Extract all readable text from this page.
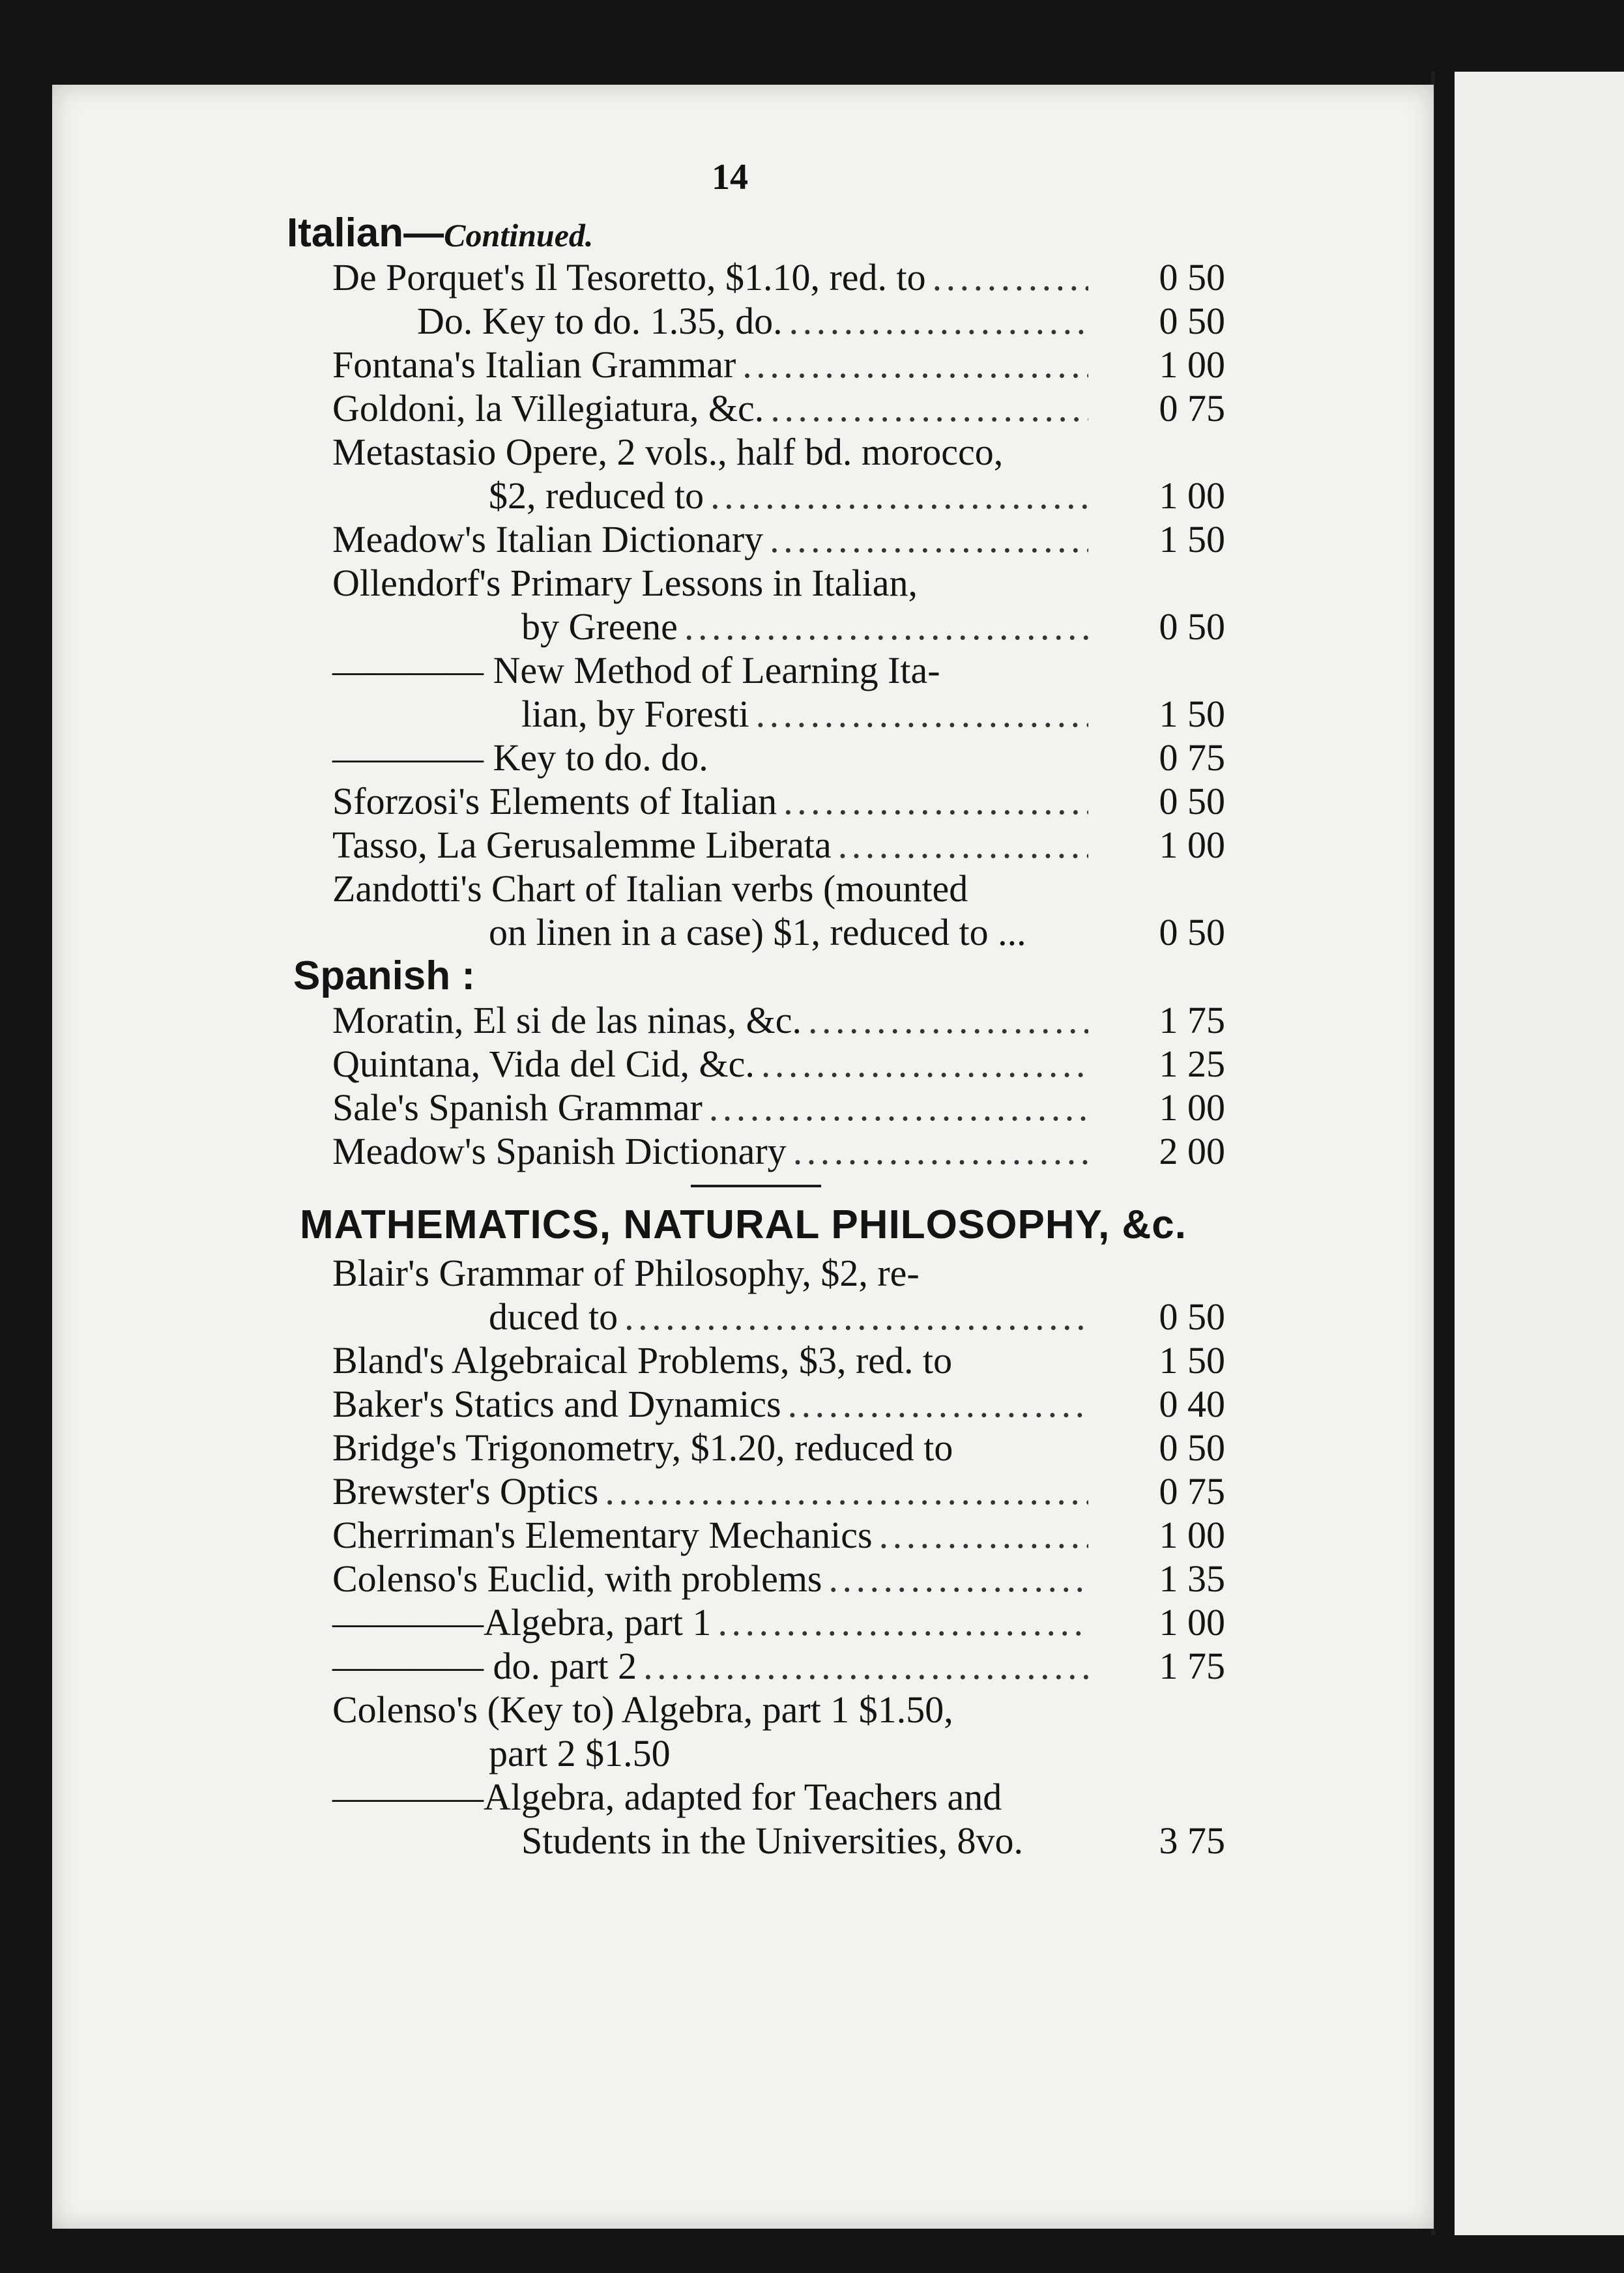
14
Italian—Continued.
De Porquet's Il Tesoretto, $1.10, red. to . . .	0 50
Do. Key to do. 1.35, do. . . .	0 50
Fontana's Italian Grammar . . .	1 00
Goldoni, la Villegiatura, &c. . . .	0 75
Metastasio Opere, 2 vols., half bd. morocco,
$2, reduced to . . .	1 00
Meadow's Italian Dictionary . . .	1 50
Ollendorf's Primary Lessons in Italian,
by Greene . . .	0 50
———— New Method of Learning Ita-
lian, by Foresti . . .	1 50
———— Key to do. do.	0 75
Sforzosi's Elements of Italian . . .	0 50
Tasso, La Gerusalemme Liberata . . .	1 00
Zandotti's Chart of Italian verbs (mounted
on linen in a case) $1, reduced to ...	0 50
Spanish :
Moratin, El si de las ninas, &c. . . .	1 75
Quintana, Vida del Cid, &c. . . .	1 25
Sale's Spanish Grammar . . .	1 00
Meadow's Spanish Dictionary . . .	2 00
MATHEMATICS, NATURAL PHILOSOPHY, &c.
Blair's Grammar of Philosophy, $2, re-
duced to . . .	0 50
Bland's Algebraical Problems, $3, red. to	1 50
Baker's Statics and Dynamics . . .	0 40
Bridge's Trigonometry, $1.20, reduced to	0 50
Brewster's Optics . . .	0 75
Cherriman's Elementary Mechanics . . .	1 00
Colenso's Euclid, with problems . . .	1 35
————Algebra, part 1 . . .	1 00
———— do. part 2 . . .	1 75
Colenso's (Key to) Algebra, part 1 $1.50,
part 2 $1.50
————Algebra, adapted for Teachers and
Students in the Universities, 8vo.	3 75
